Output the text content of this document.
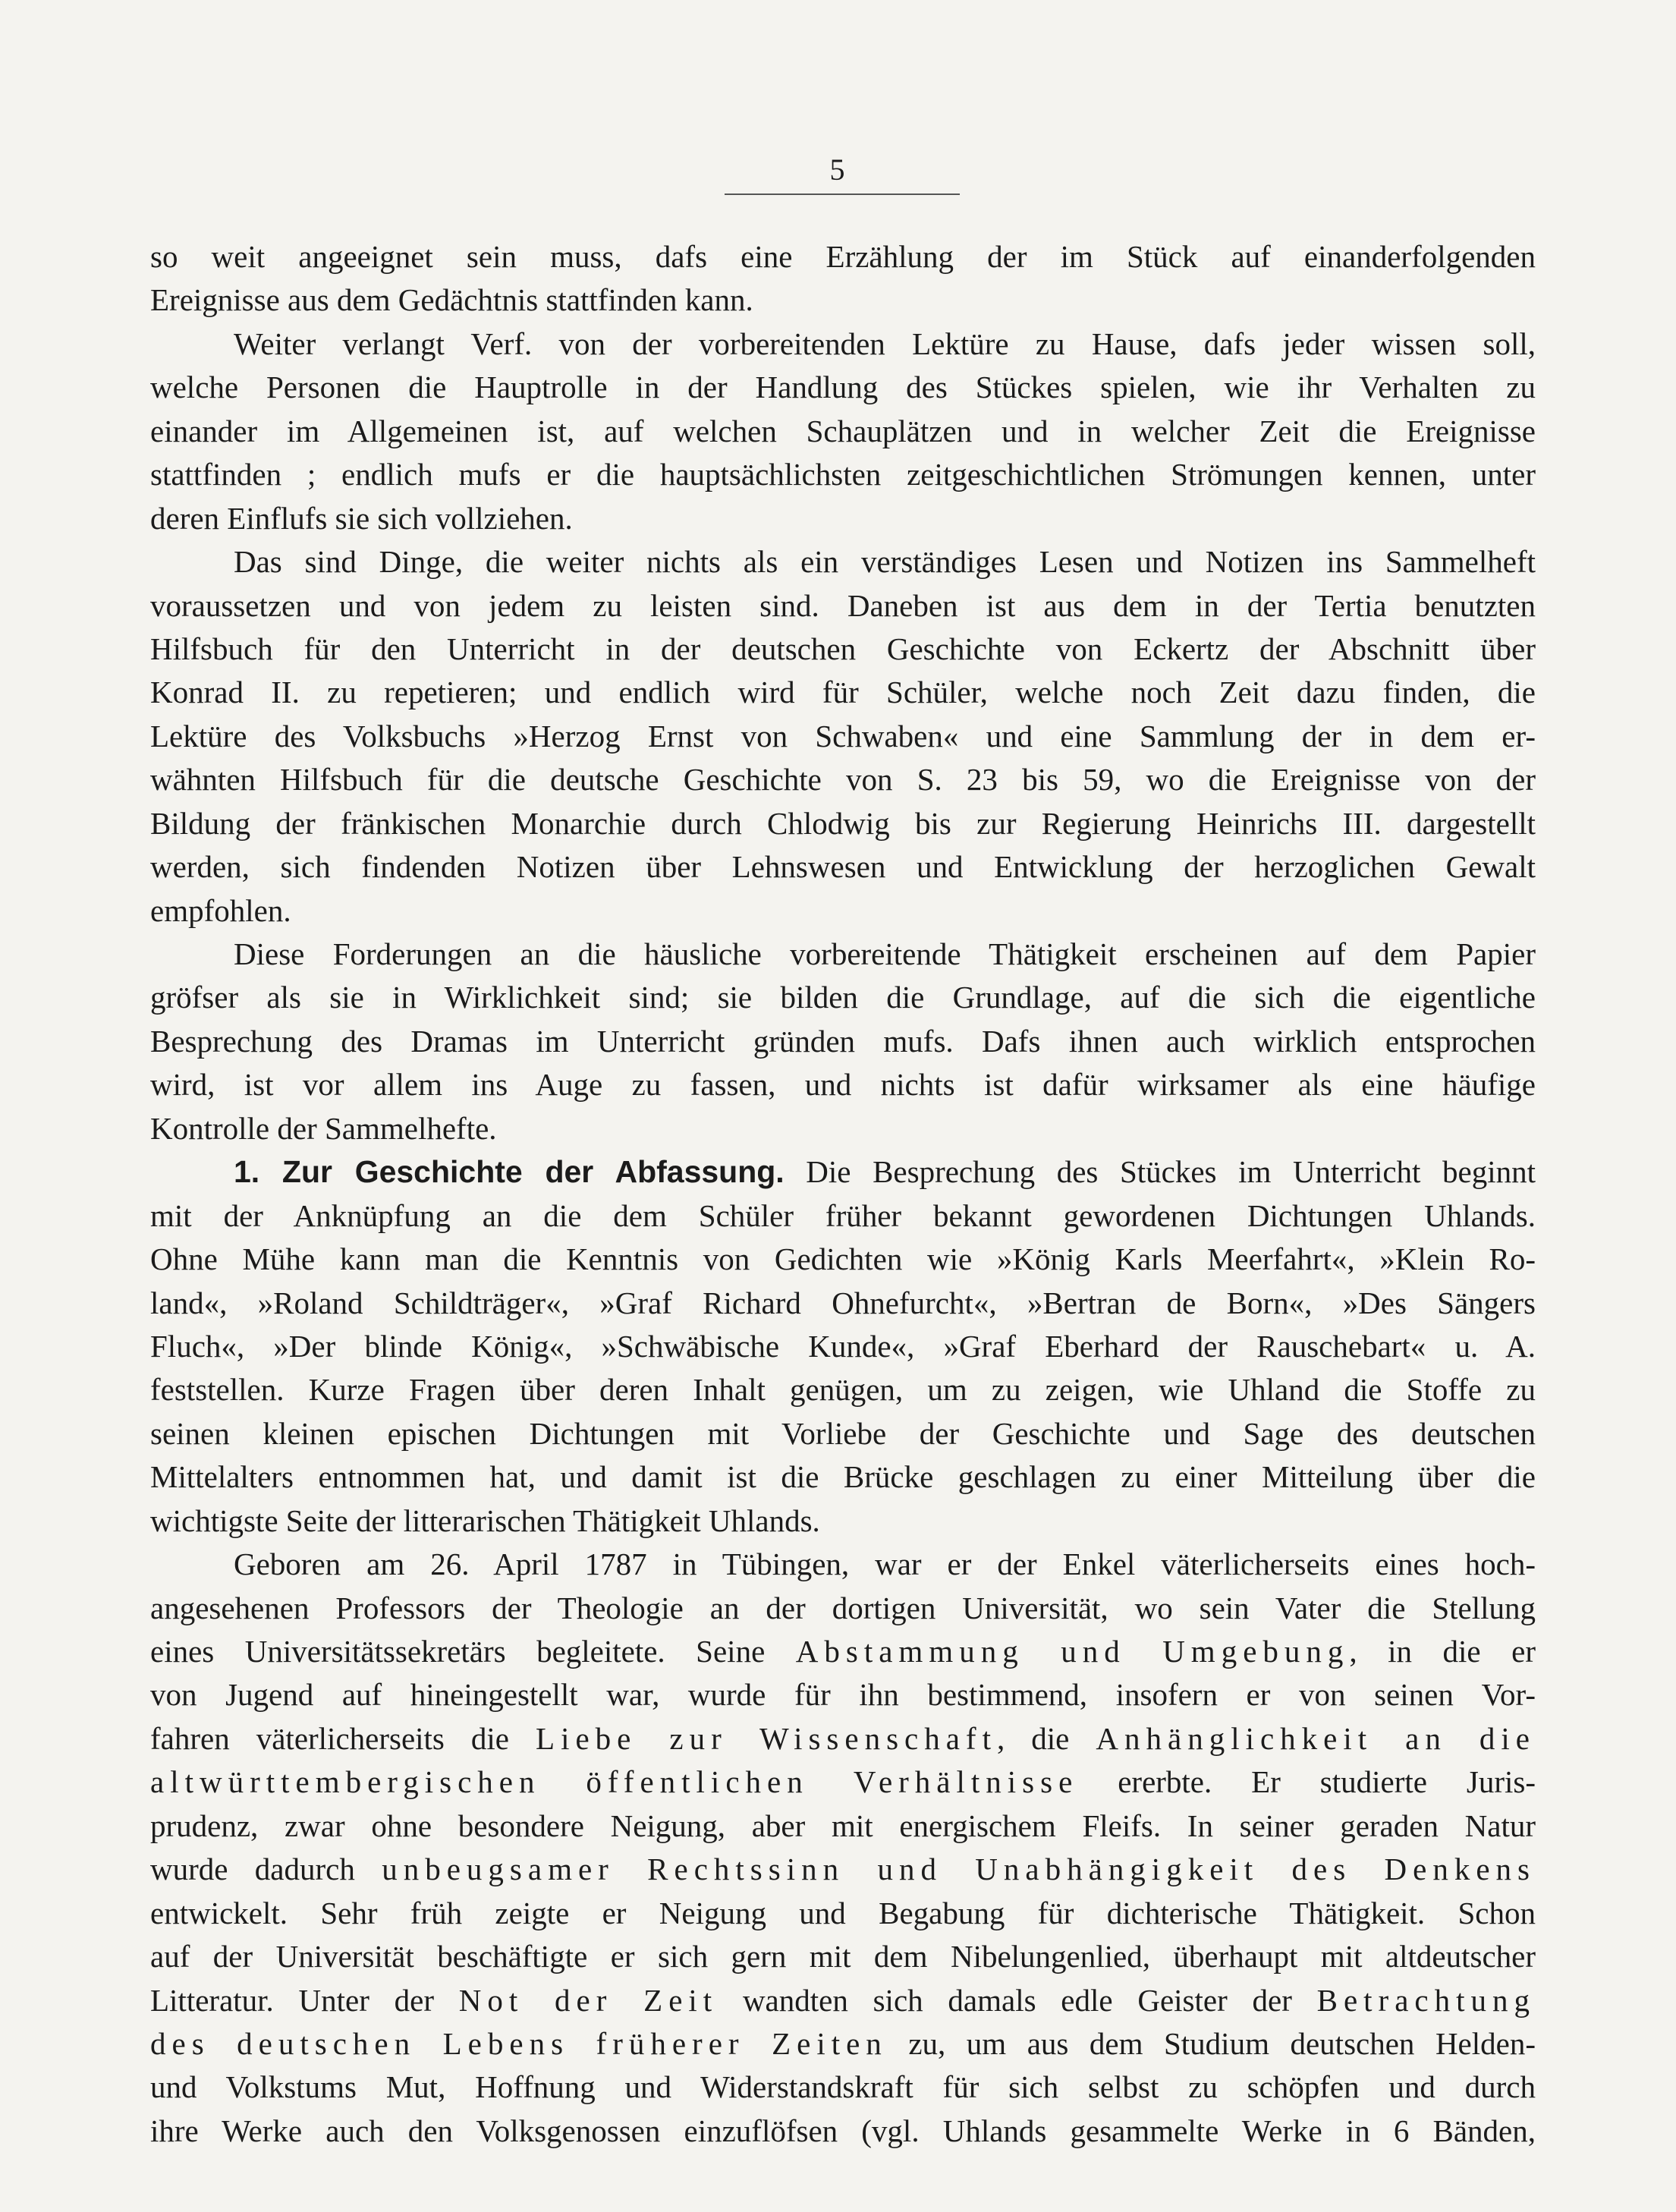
5
so weit angeeignet sein muss, dafs eine Erzählung der im Stück auf einanderfolgenden
Ereignisse aus dem Gedächtnis stattfinden kann.
Weiter verlangt Verf. von der vorbereitenden Lektüre zu Hause, dafs jeder wissen soll,
welche Personen die Hauptrolle in der Handlung des Stückes spielen, wie ihr Verhalten zu
einander im Allgemeinen ist, auf welchen Schauplätzen und in welcher Zeit die Ereignisse
stattfinden ; endlich mufs er die hauptsächlichsten zeitgeschichtlichen Strömungen kennen, unter
deren Einflufs sie sich vollziehen.
Das sind Dinge, die weiter nichts als ein verständiges Lesen und Notizen ins Sammelheft
voraussetzen und von jedem zu leisten sind. Daneben ist aus dem in der Tertia benutzten
Hilfsbuch für den Unterricht in der deutschen Geschichte von Eckertz der Abschnitt über
Konrad II. zu repetieren; und endlich wird für Schüler, welche noch Zeit dazu finden, die
Lektüre des Volksbuchs »Herzog Ernst von Schwaben« und eine Sammlung der in dem er-
wähnten Hilfsbuch für die deutsche Geschichte von S. 23 bis 59, wo die Ereignisse von der
Bildung der fränkischen Monarchie durch Chlodwig bis zur Regierung Heinrichs III. dargestellt
werden, sich findenden Notizen über Lehnswesen und Entwicklung der herzoglichen Gewalt
empfohlen.
Diese Forderungen an die häusliche vorbereitende Thätigkeit erscheinen auf dem Papier
gröfser als sie in Wirklichkeit sind; sie bilden die Grundlage, auf die sich die eigentliche
Besprechung des Dramas im Unterricht gründen mufs. Dafs ihnen auch wirklich entsprochen
wird, ist vor allem ins Auge zu fassen, und nichts ist dafür wirksamer als eine häufige
Kontrolle der Sammelhefte.
1. Zur Geschichte der Abfassung. Die Besprechung des Stückes im Unterricht beginnt
mit der Anknüpfung an die dem Schüler früher bekannt gewordenen Dichtungen Uhlands.
Ohne Mühe kann man die Kenntnis von Gedichten wie »König Karls Meerfahrt«, »Klein Ro-
land«, »Roland Schildträger«, »Graf Richard Ohnefurcht«, »Bertran de Born«, »Des Sängers
Fluch«, »Der blinde König«, »Schwäbische Kunde«, »Graf Eberhard der Rauschebart« u. A.
feststellen. Kurze Fragen über deren Inhalt genügen, um zu zeigen, wie Uhland die Stoffe zu
seinen kleinen epischen Dichtungen mit Vorliebe der Geschichte und Sage des deutschen
Mittelalters entnommen hat, und damit ist die Brücke geschlagen zu einer Mitteilung über die
wichtigste Seite der litterarischen Thätigkeit Uhlands.
Geboren am 26. April 1787 in Tübingen, war er der Enkel väterlicherseits eines hoch-
angesehenen Professors der Theologie an der dortigen Universität, wo sein Vater die Stellung
eines Universitätssekretärs begleitete. Seine Abstammung und Umgebung, in die er
von Jugend auf hineingestellt war, wurde für ihn bestimmend, insofern er von seinen Vor-
fahren väterlicherseits die Liebe zur Wissenschaft, die Anhänglichkeit an die
altwürttembergischen öffentlichen Verhältnisse ererbte. Er studierte Juris-
prudenz, zwar ohne besondere Neigung, aber mit energischem Fleifs. In seiner geraden Natur
wurde dadurch unbeugsamer Rechtssinn und Unabhängigkeit des Denkens
entwickelt. Sehr früh zeigte er Neigung und Begabung für dichterische Thätigkeit. Schon
auf der Universität beschäftigte er sich gern mit dem Nibelungenlied, überhaupt mit altdeutscher
Litteratur. Unter der Not der Zeit wandten sich damals edle Geister der Betrachtung
des deutschen Lebens früherer Zeiten zu, um aus dem Studium deutschen Helden-
und Volkstums Mut, Hoffnung und Widerstandskraft für sich selbst zu schöpfen und durch
ihre Werke auch den Volksgenossen einzuflöfsen (vgl. Uhlands gesammelte Werke in 6 Bänden,
